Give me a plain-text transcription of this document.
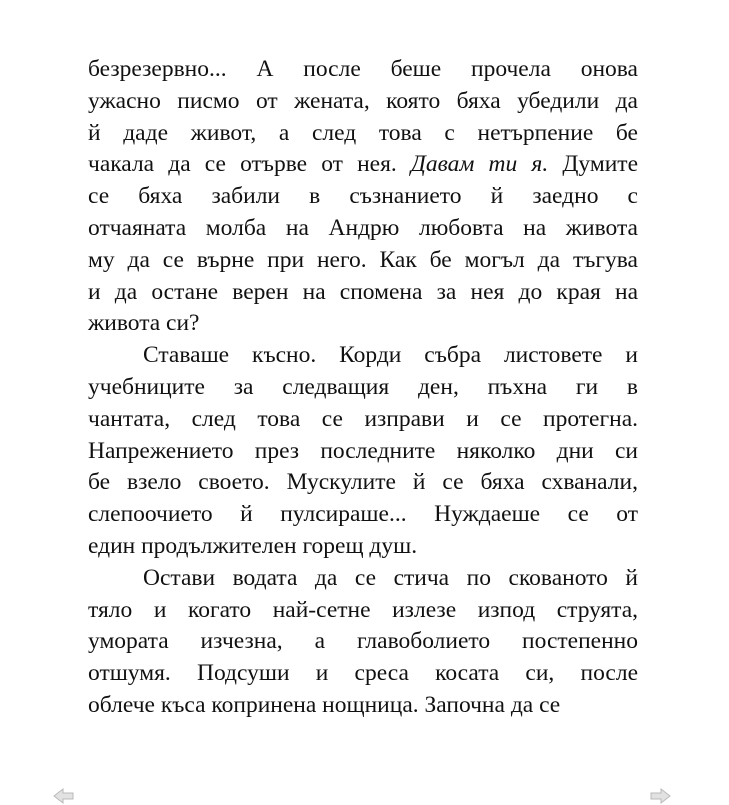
безрезервно... А после беше прочела онова
ужасно писмо от жената, която бяха убедили да
й даде живот, а след това с нетърпение бе
чакала да се отърве от нея. Давам ти я. Думите
се бяха забили в съзнанието й заедно с
отчаяната молба на Андрю любовта на живота
му да се върне при него. Как бе могъл да тъгува
и да остане верен на спомена за нея до края на
живота си?

Ставаше късно. Корди събра листовете и
учебниците за следващия ден, пъхна ги в
чантата, след това се изправи и се протегна.
Напрежението през последните няколко дни си
бе взело своето. Мускулите й се бяха схванали,
слепоочието й пулсираше... Нуждаеше се от
един продължителен горещ душ.

Остави водата да се стича по скованото й
тяло и когато най-сетне излезе изпод струята,
умората изчезна, а главоболието постепенно
отшумя. Подсуши и среса косата си, после
облече къса копринена нощница. Започна да се
